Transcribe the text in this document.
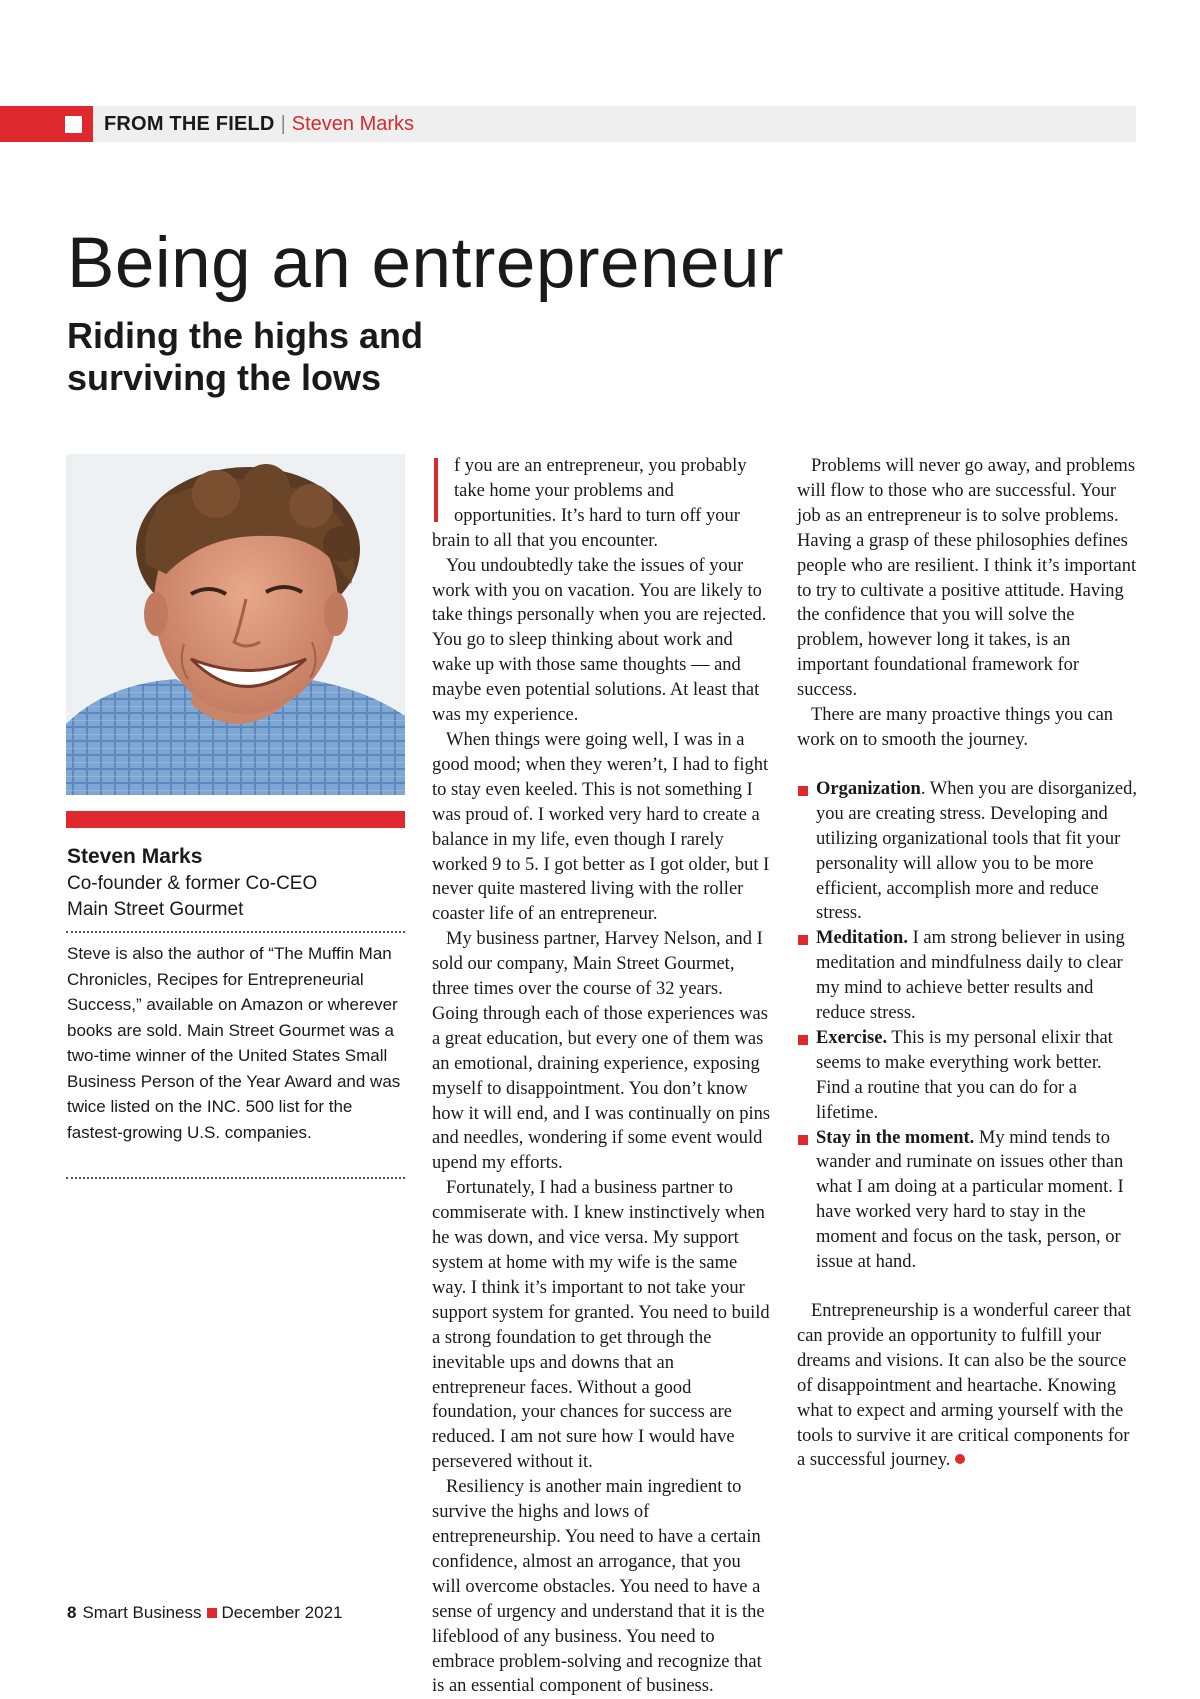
FROM THE FIELD | Steven Marks
Being an entrepreneur
Riding the highs and surviving the lows
Steven Marks
Co-founder & former Co-CEO
Main Street Gourmet
Steve is also the author of “The Muffin Man Chronicles, Recipes for Entrepreneurial Success,” available on Amazon or wherever books are sold. Main Street Gourmet was a two-time winner of the United States Small Business Person of the Year Award and was twice listed on the INC. 500 list for the fastest-growing U.S. companies.

f you are an entrepreneur, you probably take home your problems and opportunities. It’s hard to turn off your brain to all that you encounter.

You undoubtedly take the issues of your work with you on vacation. You are likely to take things personally when you are rejected. You go to sleep thinking about work and wake up with those same thoughts — and maybe even potential solutions. At least that was my experience.

When things were going well, I was in a good mood; when they weren’t, I had to fight to stay even keeled. This is not something I was proud of. I worked very hard to create a balance in my life, even though I rarely worked 9 to 5. I got better as I got older, but I never quite mastered living with the roller coaster life of an entrepreneur.

My business partner, Harvey Nelson, and I sold our company, Main Street Gourmet, three times over the course of 32 years. Going through each of those experiences was a great education, but every one of them was an emotional, draining experience, exposing myself to disappointment. You don’t know how it will end, and I was continually on pins and needles, wondering if some event would upend my efforts.

Fortunately, I had a business partner to commiserate with. I knew instinctively when he was down, and vice versa. My support system at home with my wife is the same way. I think it’s important to not take your support system for granted. You need to build a strong foundation to get through the inevitable ups and downs that an entrepreneur faces. Without a good foundation, your chances for success are reduced. I am not sure how I would have persevered without it.

Resiliency is another main ingredient to survive the highs and lows of entrepreneurship. You need to have a certain confidence, almost an arrogance, that you will overcome obstacles. You need to have a sense of urgency and understand that it is the lifeblood of any business. You need to embrace problem-solving and recognize that is an essential component of business.

Problems will never go away, and problems will flow to those who are successful. Your job as an entrepreneur is to solve problems. Having a grasp of these philosophies defines people who are resilient. I think it’s important to try to cultivate a positive attitude. Having the confidence that you will solve the problem, however long it takes, is an important foundational framework for success.

There are many proactive things you can work on to smooth the journey.

Organization. When you are disorganized, you are creating stress. Developing and utilizing organizational tools that fit your personality will allow you to be more efficient, accomplish more and reduce stress.
Meditation. I am strong believer in using meditation and mindfulness daily to clear my mind to achieve better results and reduce stress.
Exercise. This is my personal elixir that seems to make everything work better. Find a routine that you can do for a lifetime.
Stay in the moment. My mind tends to wander and ruminate on issues other than what I am doing at a particular moment. I have worked very hard to stay in the moment and focus on the task, person, or issue at hand.

Entrepreneurship is a wonderful career that can provide an opportunity to fulfill your dreams and visions. It can also be the source of disappointment and heartache. Knowing what to expect and arming yourself with the tools to survive it are critical components for a successful journey.

8 Smart Business December 2021
